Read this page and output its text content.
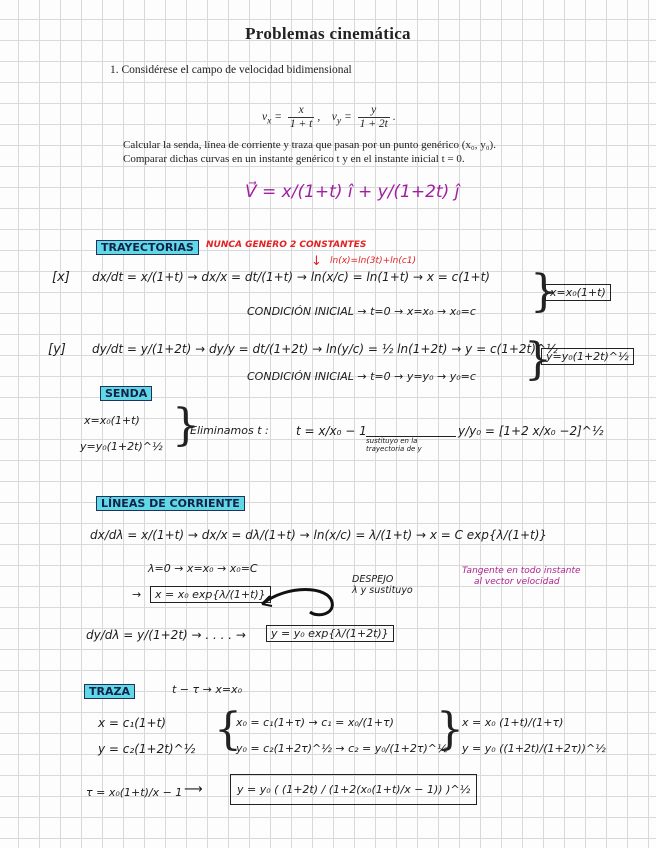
Problemas cinemática
1. Considérese el campo de velocidad bidimensional
$v_x = \frac{x}{1 + t}$ ,    $v_y = \frac{y}{1 + 2t}$ .
Calcular la senda, línea de corriente y traza que pasan por un punto genérico (x₀, y₀).
Comparar dichas curvas en un instante genérico t y en el instante inicial t = 0.
V⃗ = x/(1+t) î + y/(1+2t) ĵ
TRAYECTORIAS	NUNCA GENERO 2 CONSTANTES
ln(x)=ln(3t)+ln(c1)
↓
[x] dx/dt = x/(1+t) → dx/x = dt/(1+t) → ln(x/c) = ln(1+t) → x = c(1+t) }
x=x₀(1+t)
CONDICIÓN INICIAL → t=0 → x=x₀ → x₀=c
[y] dy/dt = y/(1+2t) → dy/y = dt/(1+2t) → ln(y/c) = ½ ln(1+2t) → y = c(1+2t)^½
}
y=y₀(1+2t)^½
CONDICIÓN INICIAL → t=0 → y=y₀ → y₀=c
SENDA
x=x₀(1+t)
y=y₀(1+2t)^½ }
Eliminamos t : t = x/x₀ − 1
sustituyo en la trayectoria de y
y/y₀ = [1+2 x/x₀ −2]^½
LÍNEAS DE CORRIENTE
dx/dλ = x/(1+t) → dx/x = dλ/(1+t) → ln(x/c) = λ/(1+t) → x = C exp{λ/(1+t)}
λ=0 → x=x₀ → x₀=C
→	x = x₀ exp{λ/(1+t)}
DESPEJO
λ y sustituyo
Tangente en todo instante
al vector velocidad
dy/dλ = y/(1+2t) → . . . . →	y = y₀ exp{λ/(1+2t)}
TRAZA	t − τ → x=x₀
x = c₁(1+t)
y = c₂(1+2t)^½ {
x₀ = c₁(1+τ) → c₁ = x₀/(1+τ)
y₀ = c₂(1+2τ)^½ → c₂ = y₀/(1+2τ)^½
}
x = x₀ (1+t)/(1+τ)
y = y₀ ((1+2t)/(1+2τ))^½
τ = x₀(1+t)/x − 1 ⟶	y = y₀ ( (1+2t) / (1+2(x₀(1+t)/x − 1)) )^½
